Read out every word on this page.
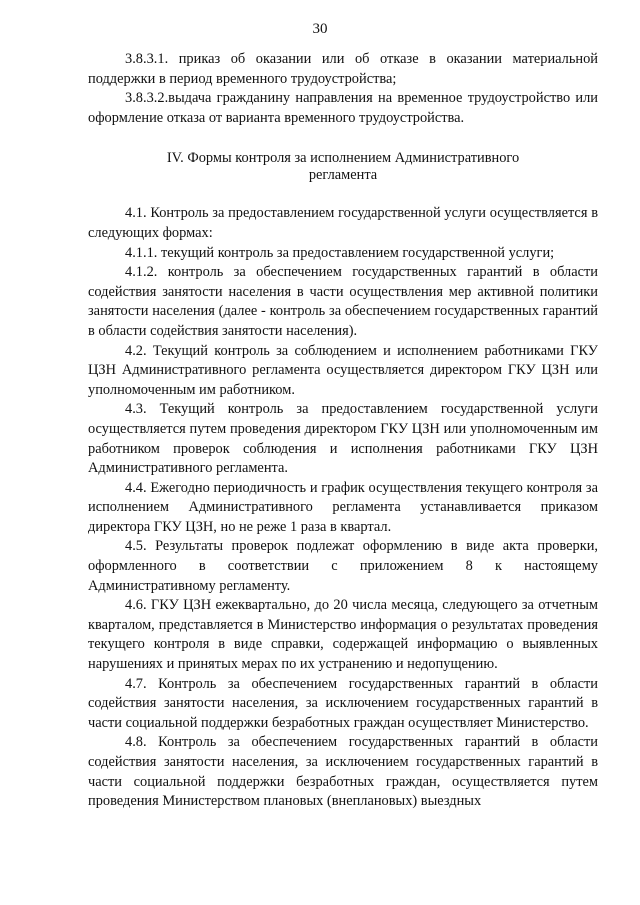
30

3.8.3.1. приказ об оказании или об отказе в оказании материальной поддержки в период временного трудоустройства;

3.8.3.2.выдача гражданину направления на временное трудоустройство или оформление отказа от варианта временного трудоустройства.

IV. Формы контроля за исполнением Административного
регламента

4.1. Контроль за предоставлением государственной услуги осуществляется в следующих формах:

4.1.1. текущий контроль за предоставлением государственной услуги;

4.1.2. контроль за обеспечением государственных гарантий в области содействия занятости населения в части осуществления мер активной политики занятости населения (далее - контроль за обеспечением государственных гарантий в области содействия занятости населения).

4.2. Текущий контроль за соблюдением и исполнением работниками ГКУ ЦЗН Административного регламента осуществляется директором ГКУ ЦЗН или уполномоченным им работником.

4.3. Текущий контроль за предоставлением государственной услуги осуществляется путем проведения директором ГКУ ЦЗН или уполномоченным им работником проверок соблюдения и исполнения работниками ГКУ ЦЗН Административного регламента.

4.4. Ежегодно периодичность и график осуществления текущего контроля за исполнением Административного регламента устанавливается приказом директора ГКУ ЦЗН, но не реже 1 раза в квартал.

4.5. Результаты проверок подлежат оформлению в виде акта проверки, оформленного в соответствии с приложением 8 к настоящему Административному регламенту.

4.6. ГКУ ЦЗН ежеквартально, до 20 числа месяца, следующего за отчетным кварталом, представляется в Министерство информация о результатах проведения текущего контроля в виде справки, содержащей информацию о выявленных нарушениях и принятых мерах по их устранению и недопущению.

4.7. Контроль за обеспечением государственных гарантий в области содействия занятости населения, за исключением государственных гарантий в части социальной поддержки безработных граждан осуществляет Министерство.

4.8. Контроль за обеспечением государственных гарантий в области содействия занятости населения, за исключением государственных гарантий в части социальной поддержки безработных граждан, осуществляется путем проведения Министерством плановых (внеплановых) выездных
